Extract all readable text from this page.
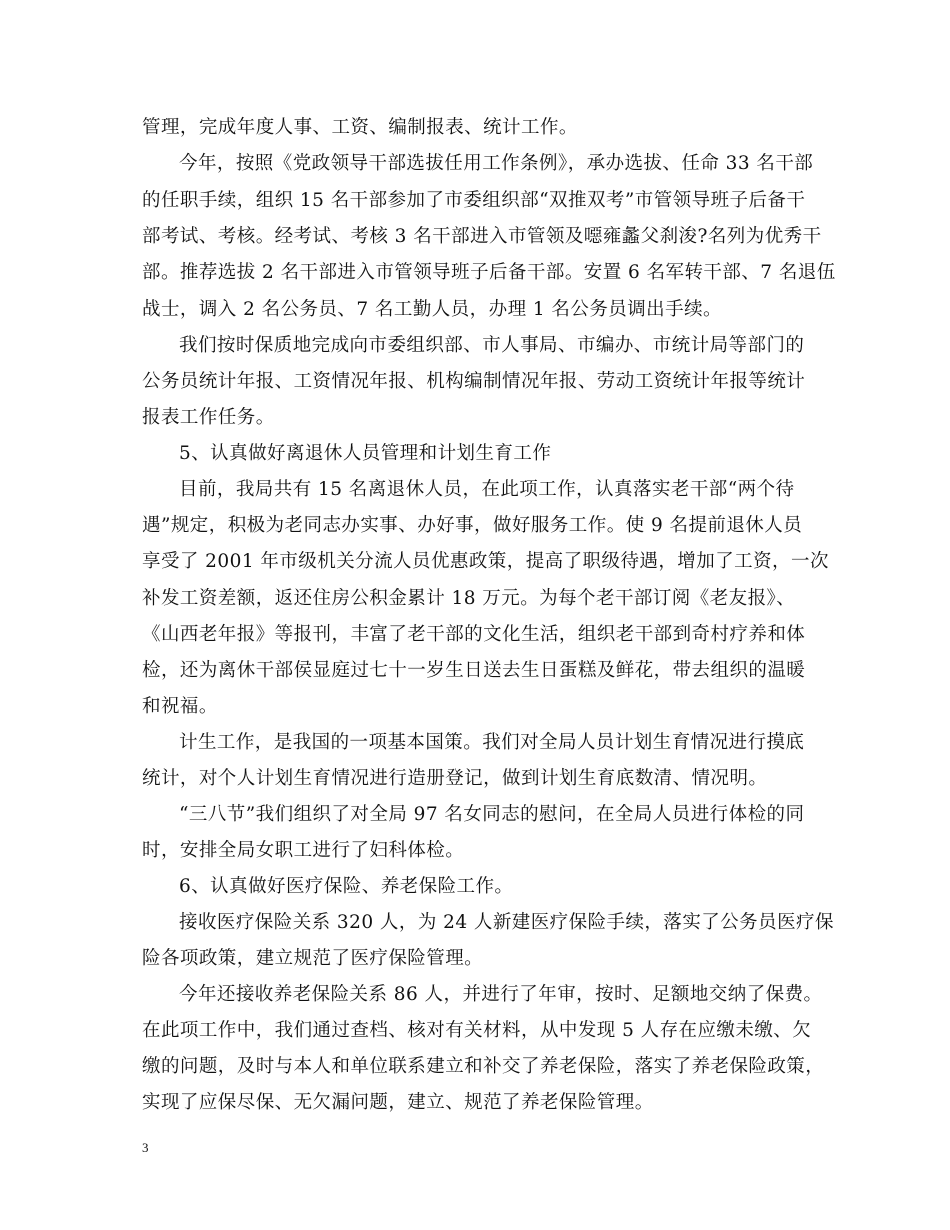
管理，完成年度人事、工资、编制报表、统计工作。
今年，按照《党政领导干部选拔任用工作条例》，承办选拔、任命 33 名干部
的任职手续，组织 15 名干部参加了市委组织部“双推双考”市管领导班子后备干
部考试、考核。经考试、考核 3 名干部进入市管领及噁雍蠡父刹浚?名列为优秀干
部。推荐选拔 2 名干部进入市管领导班子后备干部。安置 6 名军转干部、7 名退伍
战士，调入 2 名公务员、7 名工勤人员，办理 1 名公务员调出手续。
我们按时保质地完成向市委组织部、市人事局、市编办、市统计局等部门的
公务员统计年报、工资情况年报、机构编制情况年报、劳动工资统计年报等统计
报表工作任务。
5、认真做好离退休人员管理和计划生育工作
目前，我局共有 15 名离退休人员，在此项工作，认真落实老干部“两个待
遇”规定，积极为老同志办实事、办好事，做好服务工作。使 9 名提前退休人员
享受了 2001 年市级机关分流人员优惠政策，提高了职级待遇，增加了工资，一次
补发工资差额，返还住房公积金累计 18 万元。为每个老干部订阅《老友报》、
《山西老年报》等报刊，丰富了老干部的文化生活，组织老干部到奇村疗养和体
检，还为离休干部侯显庭过七十一岁生日送去生日蛋糕及鲜花，带去组织的温暖
和祝福。
计生工作，是我国的一项基本国策。我们对全局人员计划生育情况进行摸底
统计，对个人计划生育情况进行造册登记，做到计划生育底数清、情况明。
“三八节”我们组织了对全局 97 名女同志的慰问，在全局人员进行体检的同
时，安排全局女职工进行了妇科体检。
6、认真做好医疗保险、养老保险工作。
接收医疗保险关系 320 人，为 24 人新建医疗保险手续，落实了公务员医疗保
险各项政策，建立规范了医疗保险管理。
今年还接收养老保险关系 86 人，并进行了年审，按时、足额地交纳了保费。
在此项工作中，我们通过查档、核对有关材料，从中发现 5 人存在应缴未缴、欠
缴的问题，及时与本人和单位联系建立和补交了养老保险，落实了养老保险政策，
实现了应保尽保、无欠漏问题，建立、规范了养老保险管理。
3
